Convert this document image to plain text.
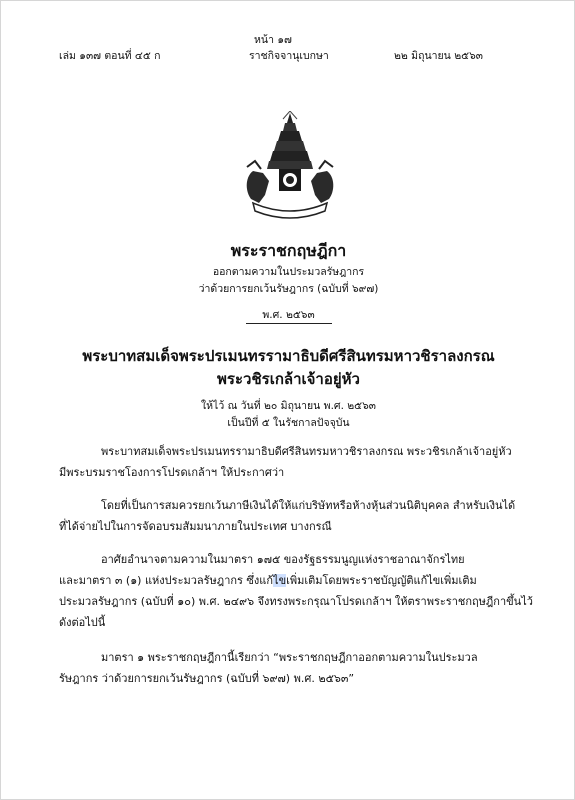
หน้า ๑๗
เล่ม ๑๓๗ ตอนที่ ๔๕ ก	ราชกิจจานุเบกษา	๒๒ มิถุนายน ๒๕๖๓
พระราชกฤษฎีกา
ออกตามความในประมวลรัษฎากร
ว่าด้วยการยกเว้นรัษฎากร (ฉบับที่ ๖๙๗)
พ.ศ. ๒๕๖๓
พระบาทสมเด็จพระปรเมนทรรามาธิบดีศรีสินทรมหาวชิราลงกรณ
พระวชิรเกล้าเจ้าอยู่หัว
ให้ไว้ ณ วันที่ ๒๐ มิถุนายน พ.ศ. ๒๕๖๓
เป็นปีที่ ๕ ในรัชกาลปัจจุบัน
พระบาทสมเด็จพระปรเมนทรรามาธิบดีศรีสินทรมหาวชิราลงกรณ พระวชิรเกล้าเจ้าอยู่หัว
มีพระบรมราชโองการโปรดเกล้าฯ ให้ประกาศว่า
โดยที่เป็นการสมควรยกเว้นภาษีเงินได้ให้แก่บริษัทหรือห้างหุ้นส่วนนิติบุคคล สำหรับเงินได้
ที่ได้จ่ายไปในการจัดอบรมสัมมนาภายในประเทศ บางกรณี
อาศัยอำนาจตามความในมาตรา ๑๗๕ ของรัฐธรรมนูญแห่งราชอาณาจักรไทย
และมาตรา ๓ (๑) แห่งประมวลรัษฎากร ซึ่งแก้ไขเพิ่มเติมโดยพระราชบัญญัติแก้ไขเพิ่มเติม
ประมวลรัษฎากร (ฉบับที่ ๑๐) พ.ศ. ๒๔๙๖ จึงทรงพระกรุณาโปรดเกล้าฯ ให้ตราพระราชกฤษฎีกาขึ้นไว้
ดังต่อไปนี้
มาตรา ๑ พระราชกฤษฎีกานี้เรียกว่า “พระราชกฤษฎีกาออกตามความในประมวล
รัษฎากร ว่าด้วยการยกเว้นรัษฎากร (ฉบับที่ ๖๙๗) พ.ศ. ๒๕๖๓”
